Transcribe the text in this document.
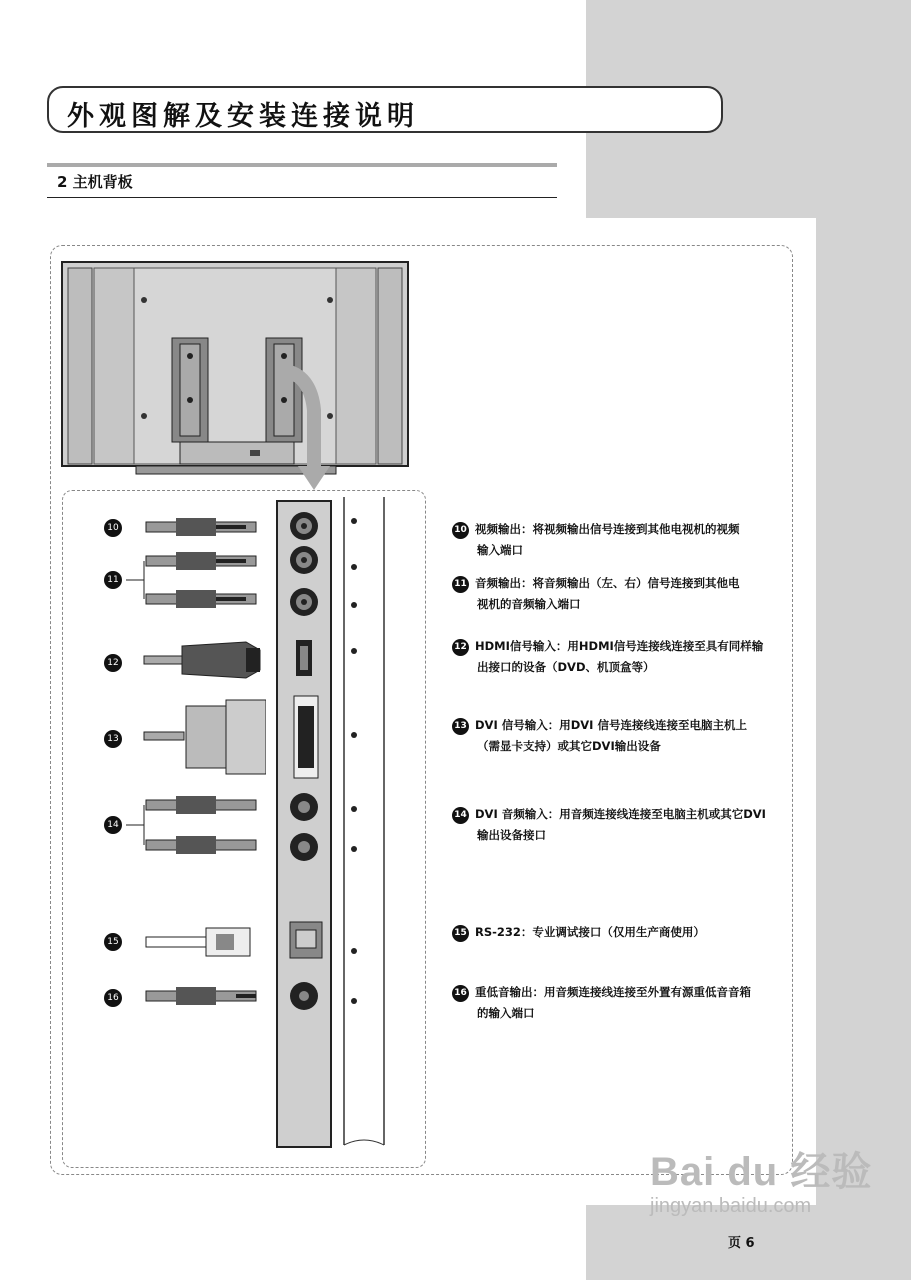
外观图解及安装连接说明
2 主机背板
10
11
12
13
14
15
16
10 视频输出：将视频输出信号连接到其他电视机的视频
输入端口
11 音频输出：将音频输出（左、右）信号连接到其他电
视机的音频输入端口
12 HDMI信号输入：用HDMI信号连接线连接至具有同样输
出接口的设备（DVD、机顶盒等）
13 DVI 信号输入：用DVI 信号连接线连接至电脑主机上
（需显卡支持）或其它DVI输出设备
14 DVI 音频输入：用音频连接线连接至电脑主机或其它DVI
输出设备接口
15 RS-232：专业调试接口（仅用生产商使用）
16 重低音输出：用音频连接线连接至外置有源重低音音箱
的输入端口
Bai du 经验
jingyan.baidu.com
页 6
